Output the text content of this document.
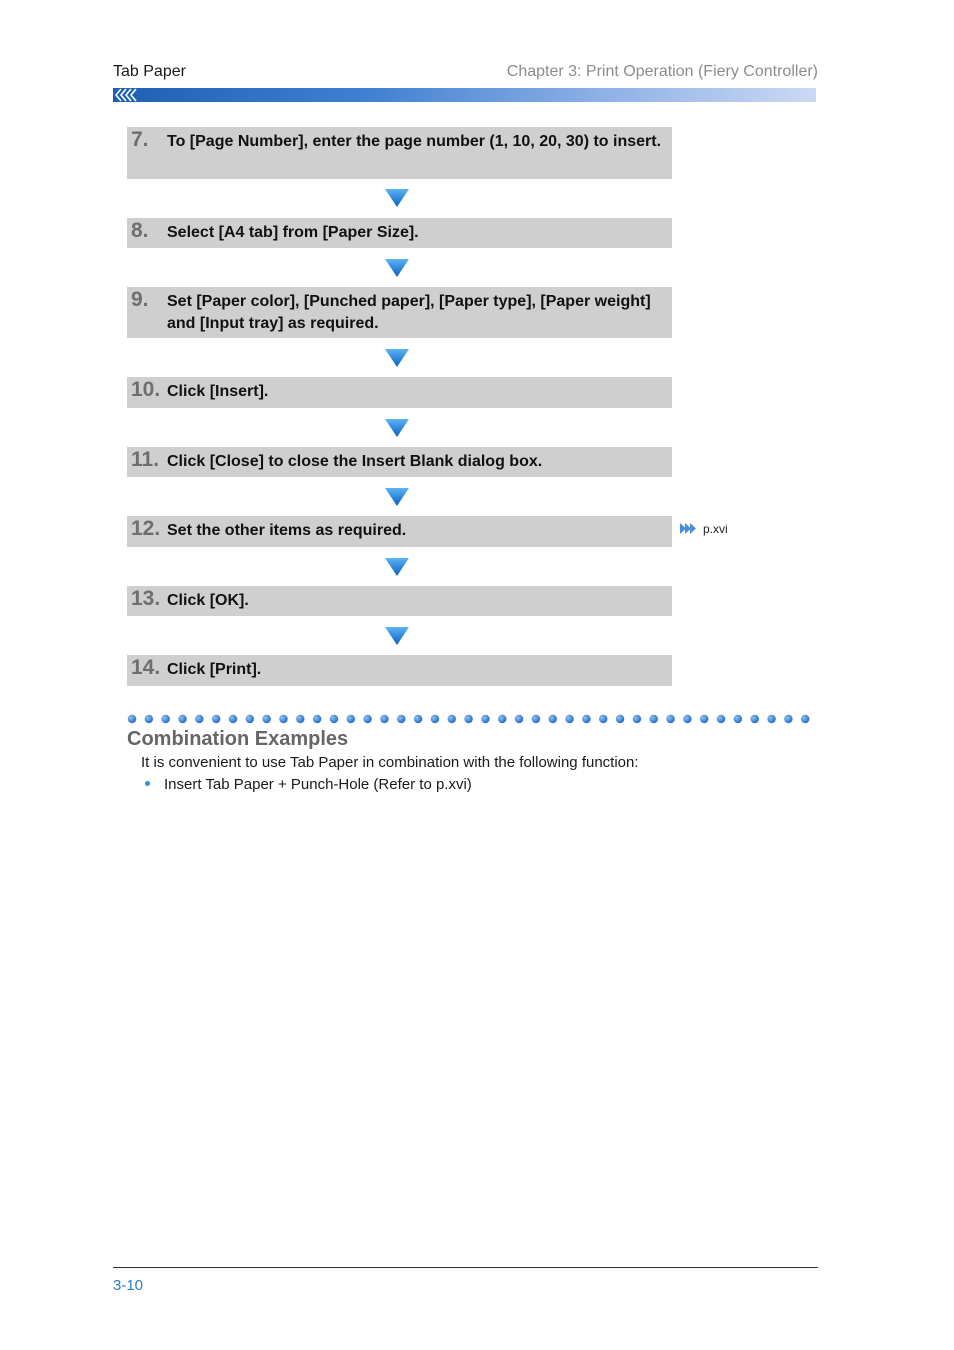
Tab Paper	Chapter 3: Print Operation (Fiery Controller)
7. To [Page Number], enter the page number (1, 10, 20, 30) to insert.
8. Select [A4 tab] from [Paper Size].
9. Set [Paper color], [Punched paper], [Paper type], [Paper weight] and [Input tray] as required.
10. Click [Insert].
11. Click [Close] to close the Insert Blank dialog box.
12. Set the other items as required.	p.xvi
13. Click [OK].
14. Click [Print].
Combination Examples
It is convenient to use Tab Paper in combination with the following function:
Insert Tab Paper + Punch-Hole (Refer to p.xvi)
3-10
